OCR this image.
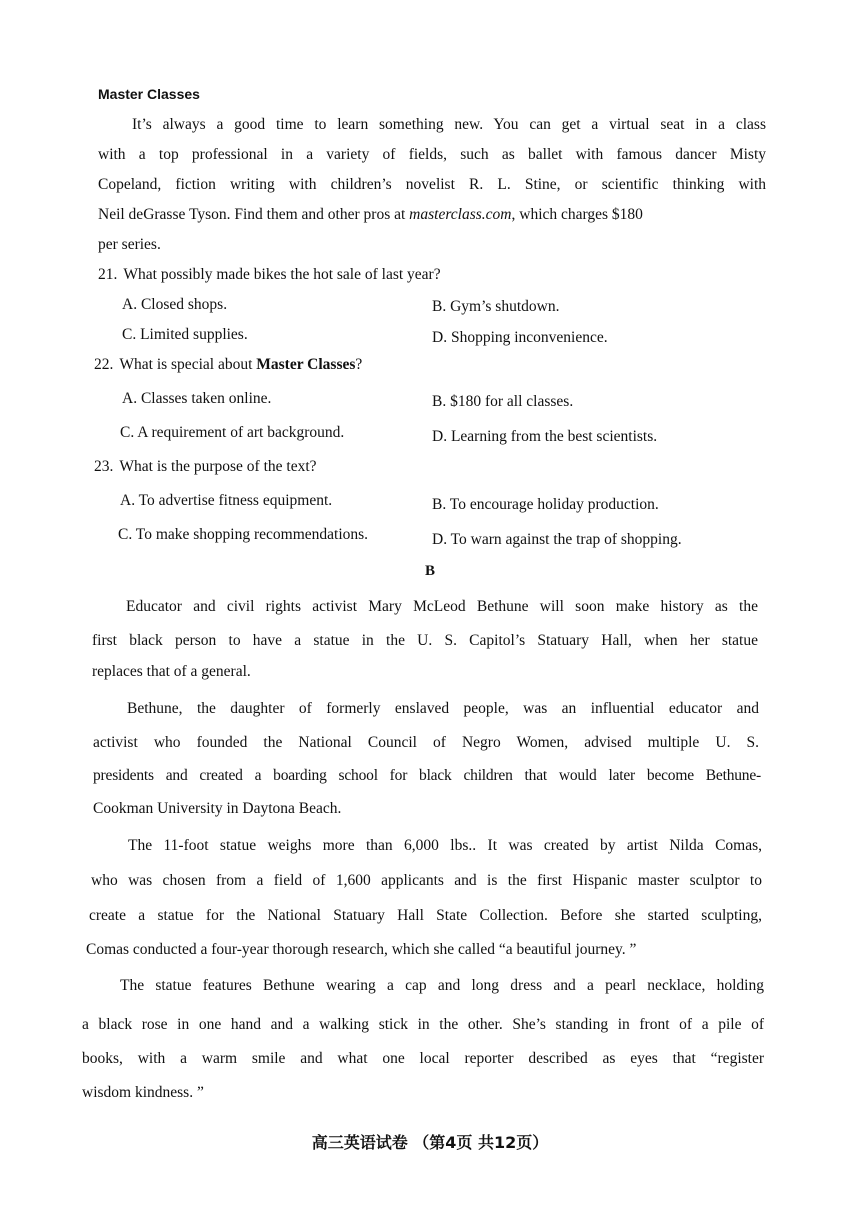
Master Classes
It’s always a good time to learn something new. You can get a virtual seat in a class
with a top professional in a variety of fields, such as ballet with famous dancer Misty
Copeland, fiction writing with children’s novelist R. L. Stine, or scientific thinking with
Neil deGrasse Tyson. Find them and other pros at masterclass.com, which charges $180
per series.
21. What possibly made bikes the hot sale of last year?
A. Closed shops.	B. Gym’s shutdown.
C. Limited supplies.	D. Shopping inconvenience.
22. What is special about Master Classes?
A. Classes taken online.	B. $180 for all classes.
C. A requirement of art background.	D. Learning from the best scientists.
23. What is the purpose of the text?
A. To advertise fitness equipment.	B. To encourage holiday production.
C. To make shopping recommendations.	D. To warn against the trap of shopping.
B
Educator and civil rights activist Mary McLeod Bethune will soon make history as the
first black person to have a statue in the U. S. Capitol’s Statuary Hall, when her statue
replaces that of a general.
Bethune, the daughter of formerly enslaved people, was an influential educator and
activist who founded the National Council of Negro Women, advised multiple U. S.
presidents and created a boarding school for black children that would later become Bethune-
Cookman University in Daytona Beach.
The 11-foot statue weighs more than 6,000 lbs.. It was created by artist Nilda Comas,
who was chosen from a field of 1,600 applicants and is the first Hispanic master sculptor to
create a statue for the National Statuary Hall State Collection. Before she started sculpting,
Comas conducted a four-year thorough research, which she called “a beautiful journey. ”
The statue features Bethune wearing a cap and long dress and a pearl necklace, holding
a black rose in one hand and a walking stick in the other. She’s standing in front of a pile of
books, with a warm smile and what one local reporter described as eyes that “register
wisdom kindness. ”
高三英语试卷 （第4页 共12页）
